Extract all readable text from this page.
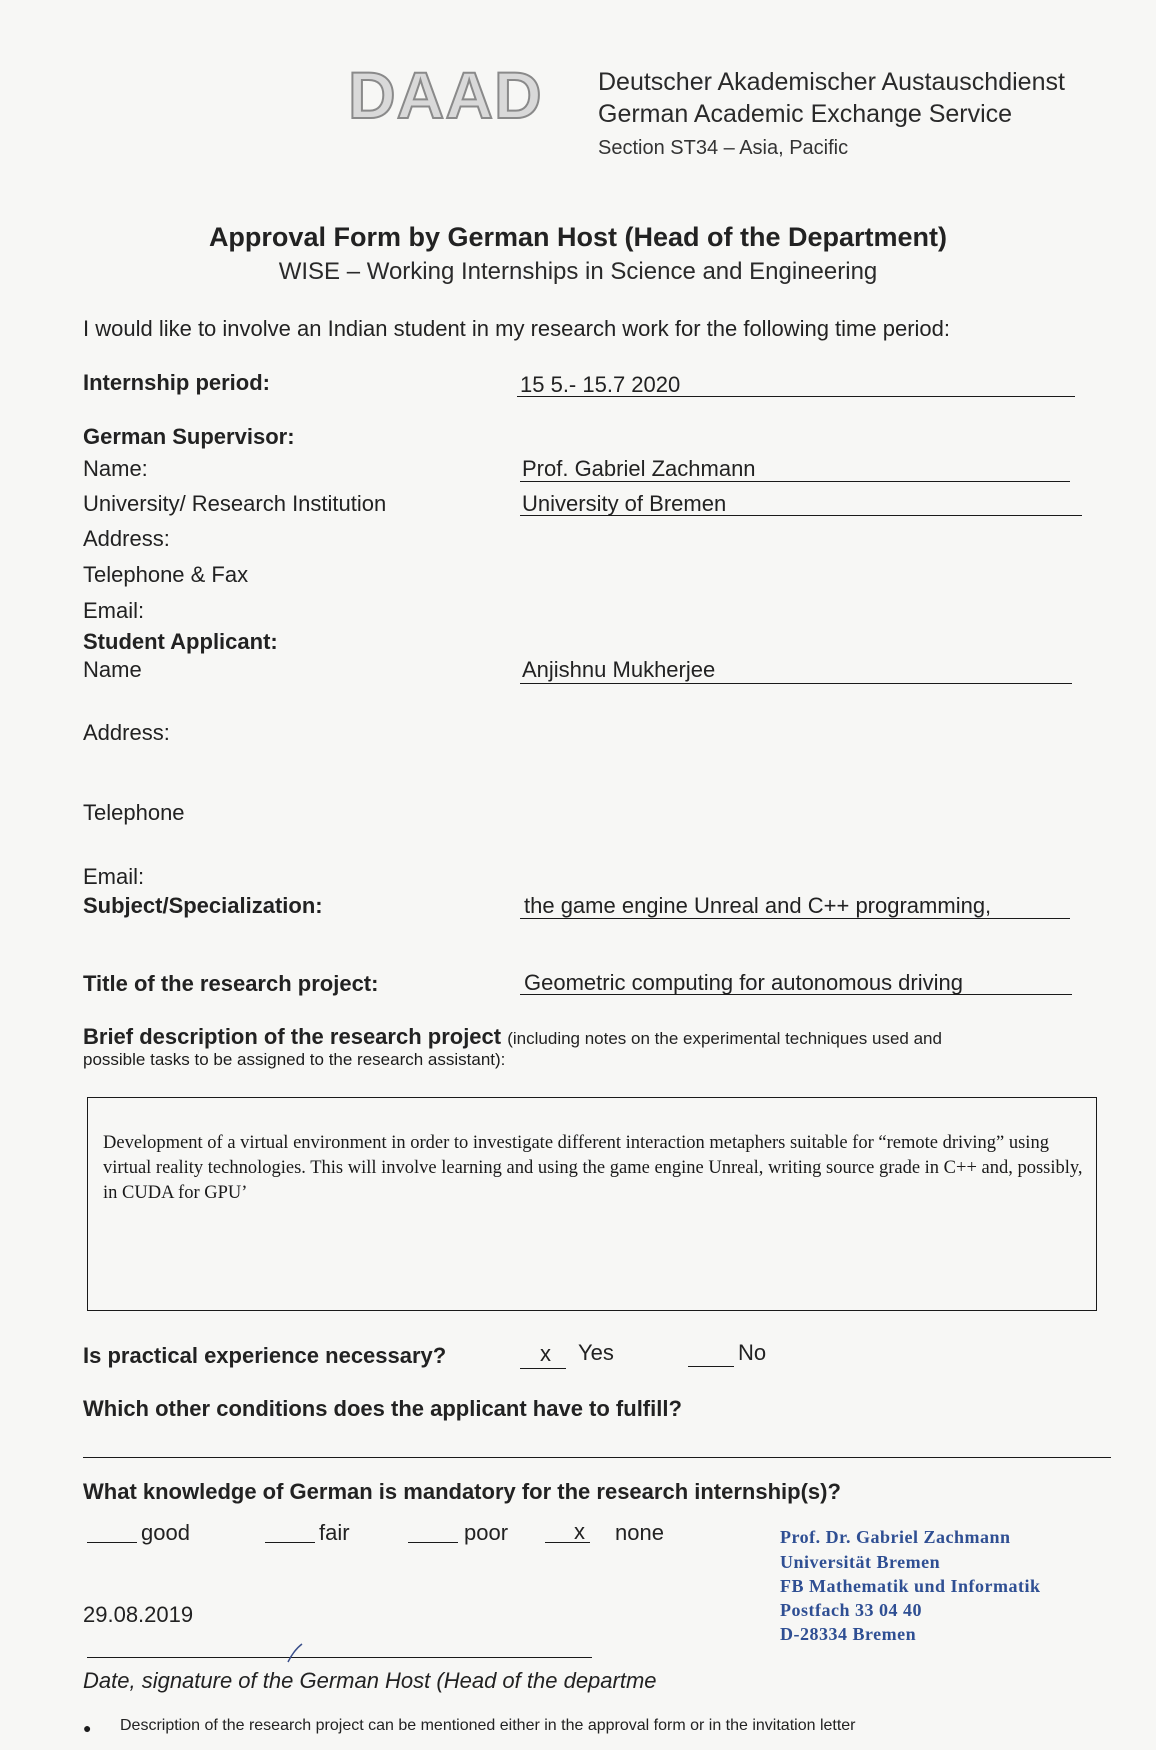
DAAD Deutscher Akademischer Austauschdienst
German Academic Exchange Service
Section ST34 – Asia, Pacific
Approval Form by German Host (Head of the Department)
WISE – Working Internships in Science and Engineering
I would like to involve an Indian student in my research work for the following time period:
Internship period:	15 5.- 15.7 2020
German Supervisor:
Name:	Prof. Gabriel Zachmann
University/ Research Institution	University of Bremen
Address:
Telephone & Fax
Email:
Student Applicant:
Name	Anjishnu Mukherjee
Address:
Telephone
Email:
Subject/Specialization:	the game engine Unreal and C++ programming,
Title of the research project:	Geometric computing for autonomous driving
Brief description of the research project (including notes on the experimental techniques used and
possible tasks to be assigned to the research assistant):
Development of a virtual environment in order to investigate different interaction metaphers suitable for “remote driving” using virtual reality technologies. This will involve learning and using the game engine Unreal, writing source grade in C++ and, possibly, in CUDA for GPU’
Is practical experience necessary?	x Yes	No
Which other conditions does the applicant have to fulfill?
What knowledge of German is mandatory for the research internship(s)?
good	fair	poor	x none	Prof. Dr. Gabriel Zachmann
Universität Bremen
FB Mathematik und Informatik
Postfach 33 04 40
D-28334 Bremen
29.08.2019
Date, signature of the German Host (Head of the departme
● Description of the research project can be mentioned either in the approval form or in the invitation letter
